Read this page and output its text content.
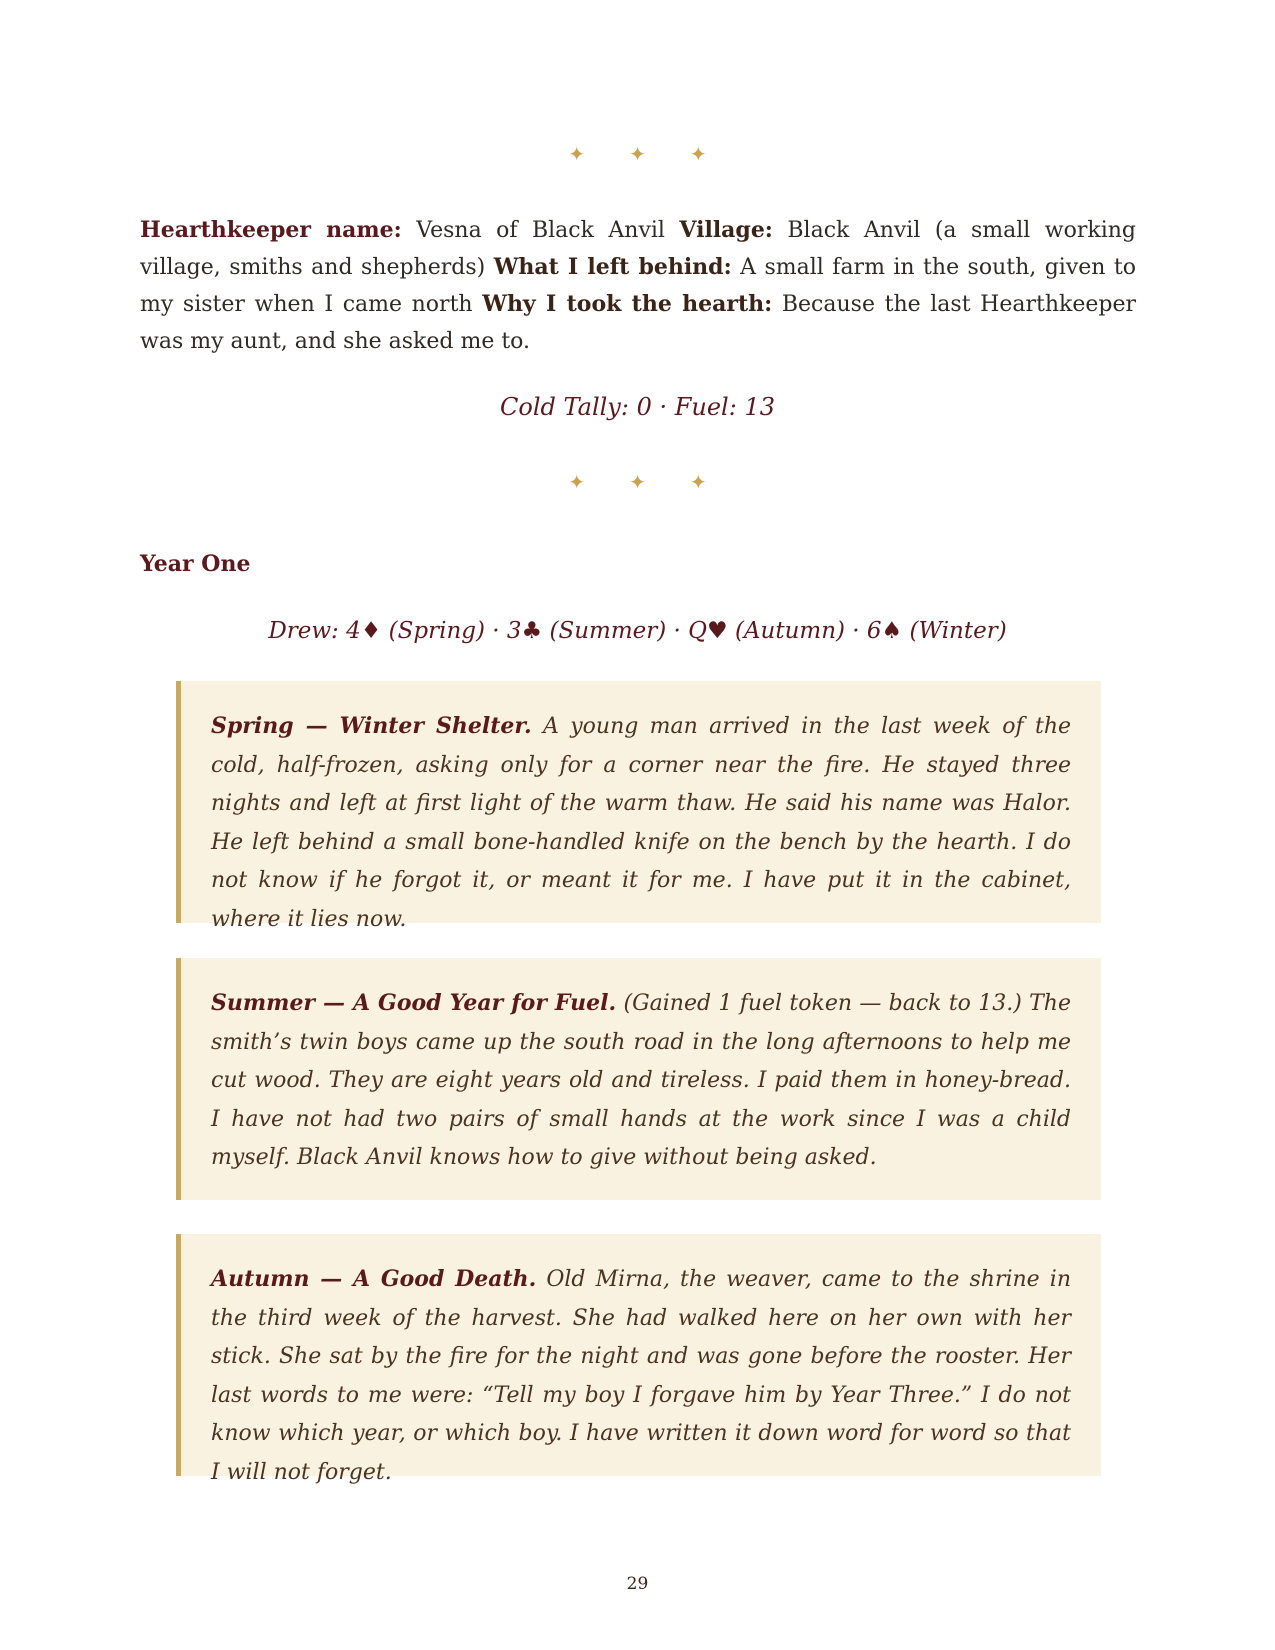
✦ ✦ ✦
Hearthkeeper name: Vesna of Black Anvil Village: Black Anvil (a small working village, smiths and shepherds) What I left behind: A small farm in the south, given to my sister when I came north Why I took the hearth: Because the last Hearthkeeper was my aunt, and she asked me to.
Cold Tally: 0 · Fuel: 13
✦ ✦ ✦
Year One
Drew: 4♦ (Spring) · 3♣ (Summer) · Q♥ (Autumn) · 6♠ (Winter)

Spring — Winter Shelter. A young man arrived in the last week of the cold, half-frozen, asking only for a corner near the fire. He stayed three nights and left at first light of the warm thaw. He said his name was Halor. He left behind a small bone-handled knife on the bench by the hearth. I do not know if he forgot it, or meant it for me. I have put it in the cabinet, where it lies now.

Summer — A Good Year for Fuel. (Gained 1 fuel token — back to 13.) The smith’s twin boys came up the south road in the long afternoons to help me cut wood. They are eight years old and tireless. I paid them in honey-bread. I have not had two pairs of small hands at the work since I was a child myself. Black Anvil knows how to give without being asked.

Autumn — A Good Death. Old Mirna, the weaver, came to the shrine in the third week of the harvest. She had walked here on her own with her stick. She sat by the fire for the night and was gone before the rooster. Her last words to me were: “Tell my boy I forgave him by Year Three.” I do not know which year, or which boy. I have written it down word for word so that I will not forget.

29
